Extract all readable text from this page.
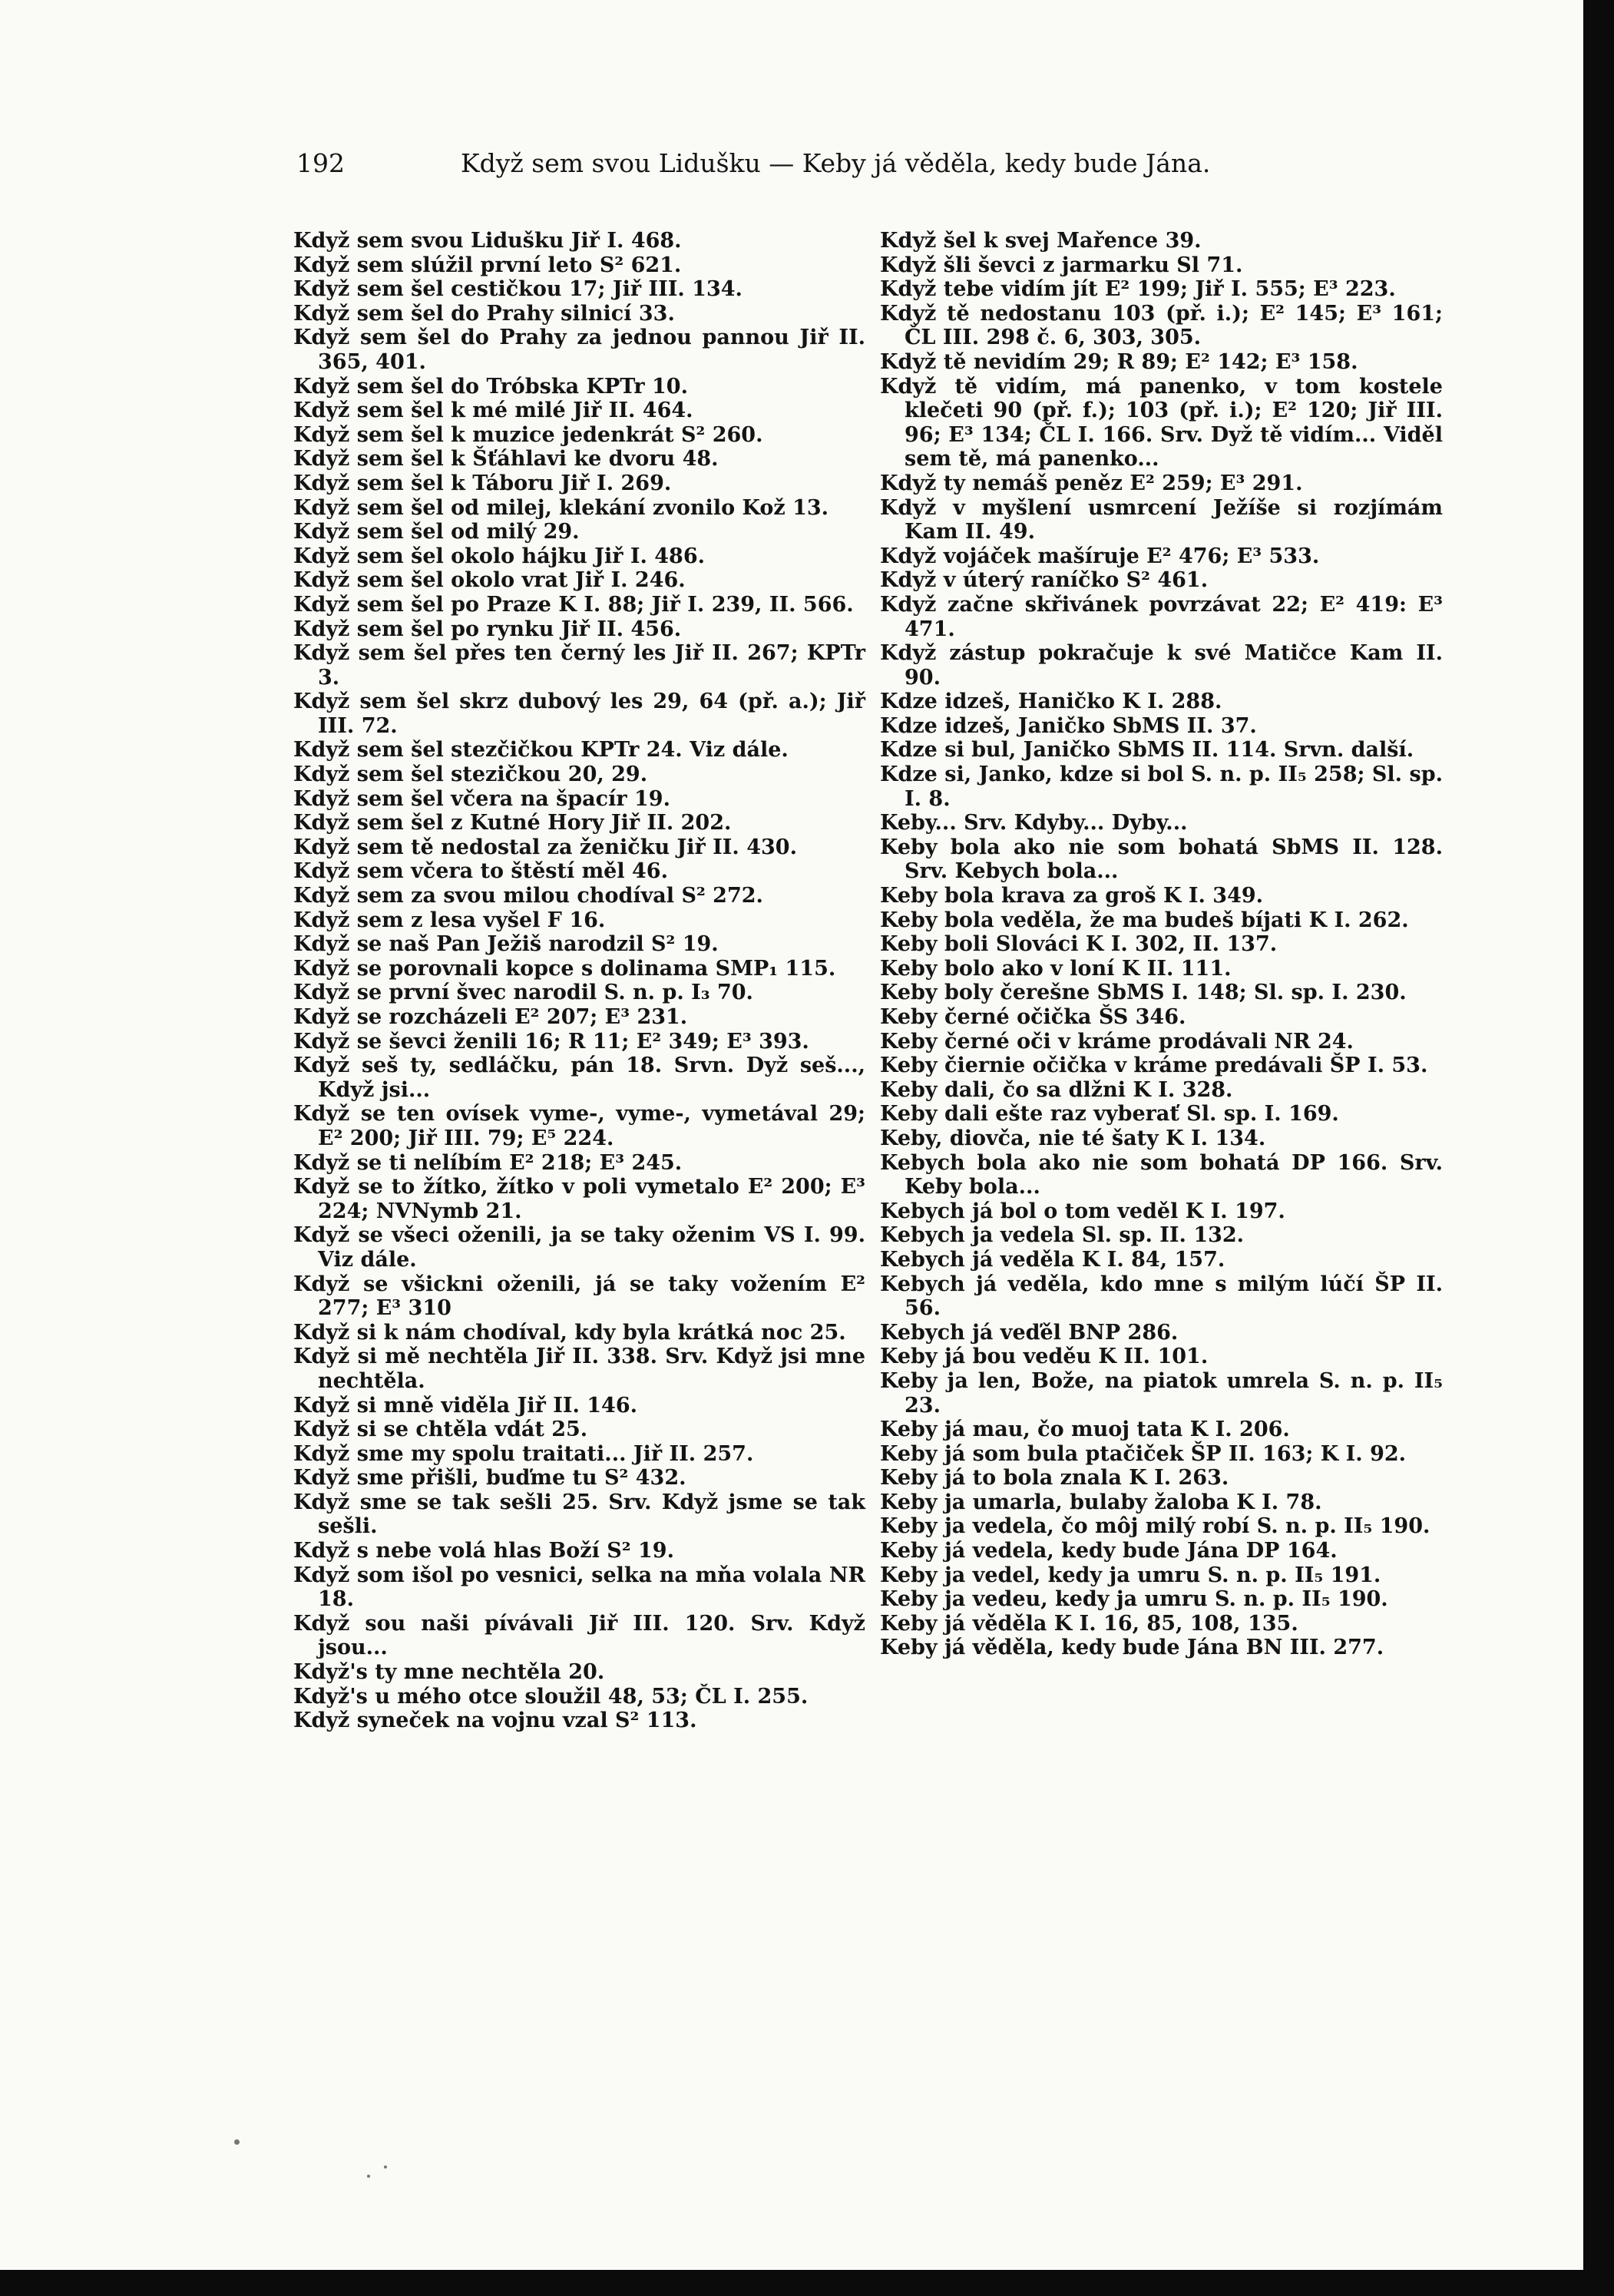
192	Když sem svou Lidušku — Keby já věděla, kedy bude Jána.
Když sem svou Lidušku Jiř I. 468.
Když sem slúžil první leto S² 621.
Když sem šel cestičkou 17; Jiř III. 134.
Když sem šel do Prahy silnicí 33.
Když sem šel do Prahy za jednou pannou Jiř II. 365, 401.
Když sem šel do Tróbska KPTr 10.
Když sem šel k mé milé Jiř II. 464.
Když sem šel k muzice jedenkrát S² 260.
Když sem šel k Šťáhlavi ke dvoru 48.
Když sem šel k Táboru Jiř I. 269.
Když sem šel od milej, klekání zvonilo Kož 13.
Když sem šel od milý 29.
Když sem šel okolo hájku Jiř I. 486.
Když sem šel okolo vrat Jiř I. 246.
Když sem šel po Praze K I. 88; Jiř I. 239, II. 566.
Když sem šel po rynku Jiř II. 456.
Když sem šel přes ten černý les Jiř II. 267; KPTr 3.
Když sem šel skrz dubový les 29, 64 (př. a.); Jiř III. 72.
Když sem šel stezčičkou KPTr 24. Viz dále.
Když sem šel stezičkou 20, 29.
Když sem šel včera na špacír 19.
Když sem šel z Kutné Hory Jiř II. 202.
Když sem tě nedostal za ženičku Jiř II. 430.
Když sem včera to štěstí měl 46.
Když sem za svou milou chodíval S² 272.
Když sem z lesa vyšel F 16.
Když se naš Pan Ježiš narodzil S² 19.
Když se porovnali kopce s dolinama SMP₁ 115.
Když se první švec narodil S. n. p. I₃ 70.
Když se rozcházeli E² 207; E³ 231.
Když se ševci ženili 16; R 11; E² 349; E³ 393.
Když seš ty, sedláčku, pán 18. Srvn. Dyž seš..., Když jsi...
Když se ten ovísek vyme-, vyme-, vymetával 29; E² 200; Jiř III. 79; E⁵ 224.
Když se ti nelíbím E² 218; E³ 245.
Když se to žítko, žítko v poli vymetalo E² 200; E³ 224; NVNymb 21.
Když se všeci oženili, ja se taky oženim VS I. 99. Viz dále.
Když se všickni oženili, já se taky vožením E² 277; E³ 310
Když si k nám chodíval, kdy byla krátká noc 25.
Když si mě nechtěla Jiř II. 338. Srv. Když jsi mne nechtěla.
Když si mně viděla Jiř II. 146.
Když si se chtěla vdát 25.
Když sme my spolu traitati... Jiř II. 257.
Když sme přišli, buďme tu S² 432.
Když sme se tak sešli 25. Srv. Když jsme se tak sešli.
Když s nebe volá hlas Boží S² 19.
Když som išol po vesnici, selka na mňa volala NR 18.
Když sou naši pívávali Jiř III. 120. Srv. Když jsou...
Když's ty mne nechtěla 20.
Když's u mého otce sloužil 48, 53; ČL I. 255.
Když syneček na vojnu vzal S² 113.
Když šel k svej Mařence 39.
Když šli ševci z jarmarku Sl 71.
Když tebe vidím jít E² 199; Jiř I. 555; E³ 223.
Když tě nedostanu 103 (př. i.); E² 145; E³ 161; ČL III. 298 č. 6, 303, 305.
Když tě nevidím 29; R 89; E² 142; E³ 158.
Když tě vidím, má panenko, v tom kostele klečeti 90 (př. f.); 103 (př. i.); E² 120; Jiř III. 96; E³ 134; ČL I. 166. Srv. Dyž tě vidím... Viděl sem tě, má panenko...
Když ty nemáš peněz E² 259; E³ 291.
Když v myšlení usmrcení Ježíše si rozjímám Kam II. 49.
Když vojáček mašíruje E² 476; E³ 533.
Když v úterý raníčko S² 461.
Když začne skřivánek povrzávat 22; E² 419: E³ 471.
Když zástup pokračuje k své Matičce Kam II. 90.
Kdze idzeš, Haničko K I. 288.
Kdze idzeš, Janičko SbMS II. 37.
Kdze si bul, Janičko SbMS II. 114. Srvn. další.
Kdze si, Janko, kdze si bol S. n. p. II₅ 258; Sl. sp. I. 8.
Keby... Srv. Kdyby... Dyby...
Keby bola ako nie som bohatá SbMS II. 128. Srv. Kebych bola...
Keby bola krava za groš K I. 349.
Keby bola veděla, že ma budeš bíjati K I. 262.
Keby boli Slováci K I. 302, II. 137.
Keby bolo ako v loní K II. 111.
Keby boly čerešne SbMS I. 148; Sl. sp. I. 230.
Keby černé očička ŠS 346.
Keby černé oči v kráme prodávali NR 24.
Keby čiernie očička v kráme predávali ŠP I. 53.
Keby dali, čo sa dlžni K I. 328.
Keby dali ešte raz vyberať Sl. sp. I. 169.
Keby, diovča, nie té šaty K I. 134.
Kebych bola ako nie som bohatá DP 166. Srv. Keby bola...
Kebych já bol o tom veděl K I. 197.
Kebych ja vedela Sl. sp. II. 132.
Kebych já veděla K I. 84, 157.
Kebych já veděla, kdo mne s milým lúčí ŠP II. 56.
Kebych já veďěl BNP 286.
Keby já bou veděu K II. 101.
Keby ja len, Bože, na piatok umrela S. n. p. II₅ 23.
Keby já mau, čo muoj tata K I. 206.
Keby já som bula ptačiček ŠP II. 163; K I. 92.
Keby já to bola znala K I. 263.
Keby ja umarla, bulaby žaloba K I. 78.
Keby ja vedela, čo môj milý robí S. n. p. II₅ 190.
Keby já vedela, kedy bude Jána DP 164.
Keby ja vedel, kedy ja umru S. n. p. II₅ 191.
Keby ja vedeu, kedy ja umru S. n. p. II₅ 190.
Keby já věděla K I. 16, 85, 108, 135.
Keby já věděla, kedy bude Jána BN III. 277.
